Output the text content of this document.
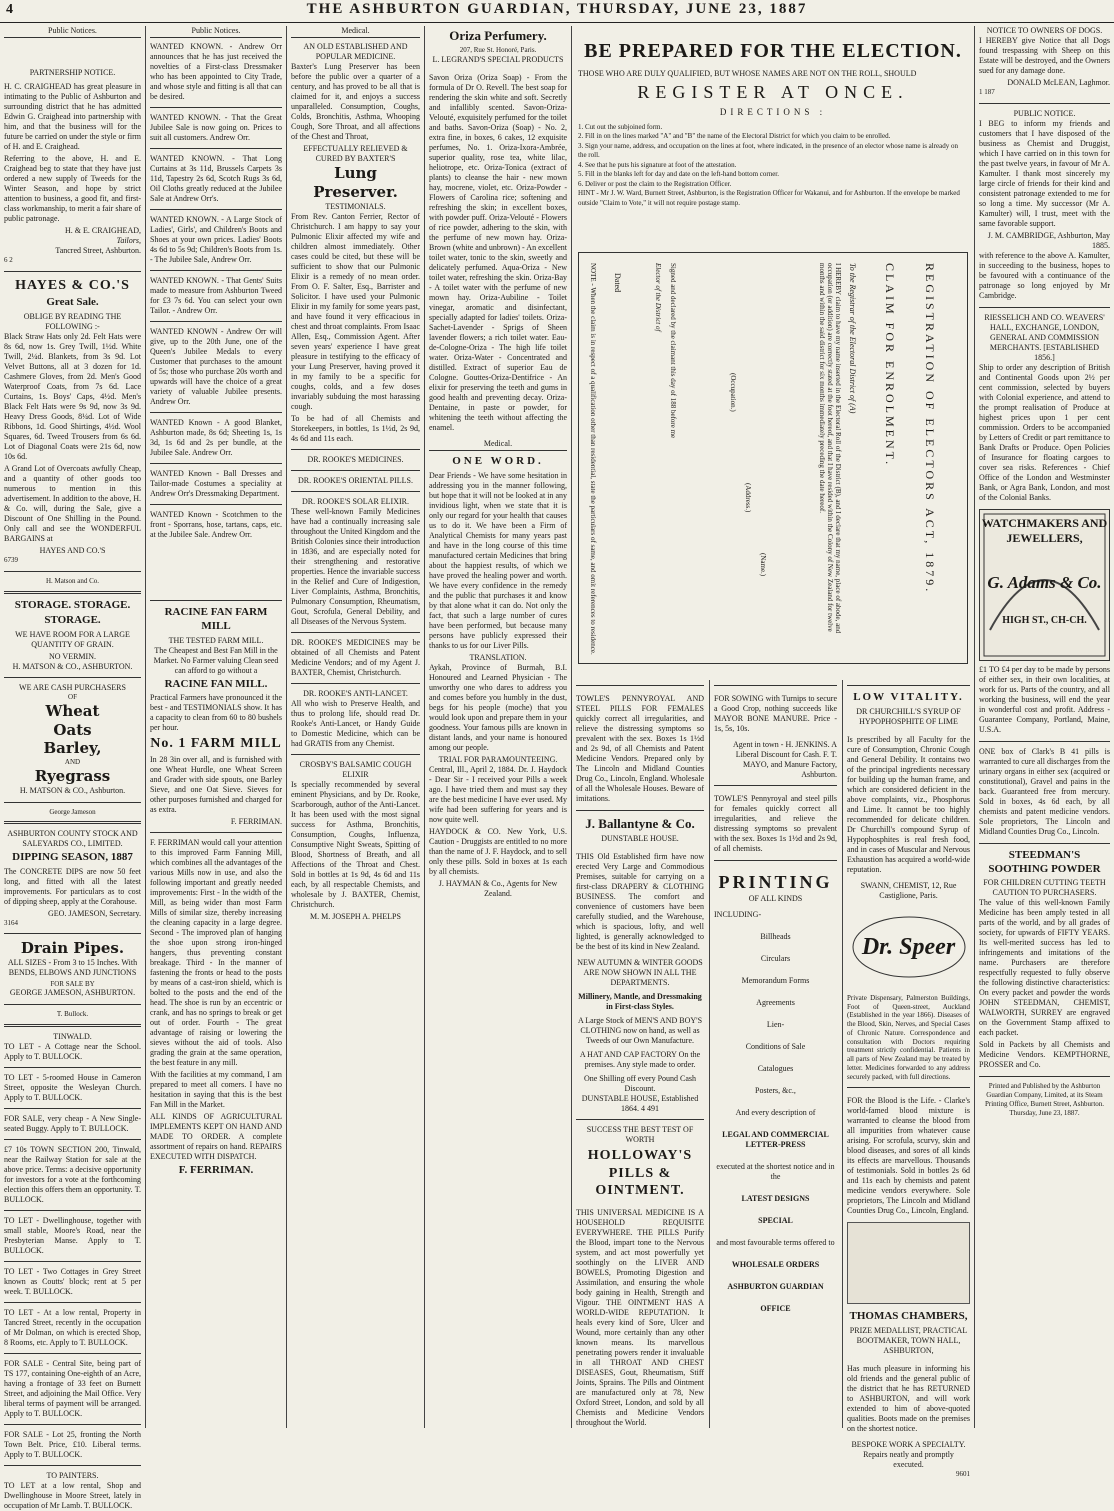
4	THE ASHBURTON GUARDIAN, THURSDAY, JUNE 23, 1887
Public Notices.
PARTNERSHIP NOTICE.

H. C. CRAIGHEAD has great pleasure in intimating to the Public of Ashburton and surrounding district that he has admitted Edwin G. Craighead into partnership with him, and that the business will for the future be carried on under the style or firm of H. and E. Craighead.

Referring to the above, H. and E. Craighead beg to state that they have just ordered a new supply of Tweeds for the Winter Season, and hope by strict attention to business, a good fit, and first-class workmanship, to merit a fair share of public patronage.

H. & E. CRAIGHEAD,
Tailors,
Tancred Street, Ashburton.
6 2
HAYES & CO.'S
Great Sale.
OBLIGE BY READING THE FOLLOWING :-

Black Straw Hats only 2d. Felt Hats were 8s 6d, now 1s. Grey Twill, 1½d. White Twill, 2¼d. Blankets, from 3s 9d. Lot Velvet Buttons, all at 3 dozen for 1d. Cashmere Gloves, from 2d. Men's Good Waterproof Coats, from 7s 6d. Lace Curtains, 1s. Boys' Caps, 4½d. Men's Black Felt Hats were 9s 9d, now 3s 9d. Heavy Dress Goods, 8¼d. Lot of Wide Ribbons, 1d. Good Shirtings, 4½d. Wool Squares, 6d. Tweed Trousers from 6s 6d. Lot of Diagonal Coats were 21s 6d, now 10s 6d.

A Grand Lot of Overcoats awfully Cheap, and a quantity of other goods too numerous to mention in this advertisement. In addition to the above, H. & Co. will, during the Sale, give a Discount of One Shilling in the Pound. Only call and see the WONDERFUL BARGAINS at

HAYES AND CO.'S
6739
H. Matson and Co.
STORAGE. STORAGE.
STORAGE.

WE HAVE ROOM FOR A LARGE QUANTITY OF GRAIN.

NO VERMIN.
H. MATSON & CO., ASHBURTON.
WE ARE CASH PURCHASERS
OF
Wheat
Oats
Barley,
AND
Ryegrass
H. MATSON & CO., Ashburton.
George Jameson
ASHBURTON COUNTY STOCK AND SALEYARDS CO., LIMITED.
DIPPING SEASON, 1887

The CONCRETE DIPS are now 50 feet long, and fitted with all the latest improvements. For particulars as to cost of dipping sheep, apply at the Corahouse.

GEO. JAMESON, Secretary.
3164
Drain Pipes.

ALL SIZES - From 3 to 15 Inches. With BENDS, ELBOWS AND JUNCTIONS

FOR SALE BY
GEORGE JAMESON, ASHBURTON.
T. Bullock.
TINWALD.

TO LET - A Cottage near the School. Apply to T. BULLOCK.

TO LET - 5-roomed House in Cameron Street, opposite the Wesleyan Church. Apply to T. BULLOCK.

FOR SALE, very cheap - A New Single-seated Buggy. Apply to T. BULLOCK.

£7 10s TOWN SECTION 200, Tinwald, near the Railway Station for sale at the above price. Terms: a decisive opportunity for investors for a vote at the forthcoming election this offers them an opportunity. T. BULLOCK.

TO LET - Dwellinghouse, together with small stable, Moore's Road, near the Presbyterian Manse. Apply to T. BULLOCK.

TO LET - Two Cottages in Grey Street known as Coutts' block; rent at 5 per week. T. BULLOCK.

TO LET - At a low rental, Property in Tancred Street, recently in the occupation of Mr Dolman, on which is erected Shop, 8 Rooms, etc. Apply to T. BULLOCK.

FOR SALE - Central Site, being part of TS 177, containing One-eighth of an Acre, having a frontage of 33 feet on Burnett Street, and adjoining the Mail Office. Very liberal terms of payment will be arranged. Apply to T. BULLOCK.

FOR SALE - Lot 25, fronting the North Town Belt. Price, £10. Liberal terms. Apply to T. BULLOCK.

TO PAINTERS.

TO LET at a low rental, Shop and Dwellinghouse in Moore Street, lately in occupation of Mr Lamb. T. BULLOCK.

Public Notices.

WANTED KNOWN. - Andrew Orr announces that he has just received the novelties of a First-class Dressmaker who has been appointed to City Trade, and whose style and fitting is all that can be desired.

WANTED KNOWN. - That the Great Jubilee Sale is now going on. Prices to suit all customers. Andrew Orr.

WANTED KNOWN. - That Long Curtains at 3s 11d, Brussels Carpets 3s 11d, Tapestry 2s 6d, Scotch Rugs 3s 6d, Oil Cloths greatly reduced at the Jubilee Sale at Andrew Orr's.

WANTED KNOWN. - A Large Stock of Ladies', Girls', and Children's Boots and Shoes at your own prices. Ladies' Boots 4s 6d to 5s 9d; Children's Boots from 1s. - The Jubilee Sale, Andrew Orr.

WANTED KNOWN. - That Gents' Suits made to measure from Ashburton Tweed for £3 7s 6d. You can select your own Tailor. - Andrew Orr.

WANTED KNOWN - Andrew Orr will give, up to the 20th June, one of the Queen's Jubilee Medals to every Customer that purchases to the amount of 5s; those who purchase 20s worth and upwards will have the choice of a great variety of valuable Jubilee presents. Andrew Orr.

WANTED Known - A good Blanket, Ashburton made, 8s 6d; Sheeting 1s, 1s 3d, 1s 6d and 2s per bundle, at the Jubilee Sale. Andrew Orr.

WANTED Known - Ball Dresses and Tailor-made Costumes a speciality at Andrew Orr's Dressmaking Department.

WANTED Known - Scotchmen to the front - Sporrans, hose, tartans, caps, etc. at the Jubilee Sale. Andrew Orr.

RACINE FAN FARM MILL
THE TESTED FARM MILL.

The Cheapest and Best Fan Mill in the Market. No Farmer valuing Clean seed can afford to go without a

RACINE FAN MILL.

Practical Farmers have pronounced it the best - and TESTIMONIALS show. It has a capacity to clean from 60 to 80 bushels per hour.

No. 1 FARM MILL

In 28 3in over all, and is furnished with one Wheat Hurdle, one Wheat Screen and Grader with side spouts, one Barley Sieve, and one Oat Sieve. Sieves for other purposes furnished and charged for as extra.

F. FERRIMAN.

F. FERRIMAN would call your attention to this improved Farm Fanning Mill, which combines all the advantages of the various Mills now in use, and also the following important and greatly needed improvements: First - In the width of the Mill, as being wider than most Farm Mills of similar size, thereby increasing the cleaning capacity in a large degree. Second - The improved plan of hanging the shoe upon strong iron-hinged hangers, thus preventing constant breakage. Third - In the manner of fastening the fronts or head to the posts by means of a cast-iron shield, which is bolted to the posts and the end of the head. The shoe is run by an eccentric or crank, and has no springs to break or get out of order. Fourth - The great advantage of raising or lowering the sieves without the aid of tools. Also grading the grain at the same operation, the best feature in any mill.

With the facilities at my command, I am prepared to meet all comers. I have no hesitation in saying that this is the best Fan Mill in the Market.

ALL KINDS OF AGRICULTURAL IMPLEMENTS KEPT ON HAND AND MADE TO ORDER. A complete assortment of repairs on hand. REPAIRS EXECUTED WITH DISPATCH.

F. FERRIMAN.
Medical.
AN OLD ESTABLISHED AND POPULAR MEDICINE.

Baxter's Lung Preserver has been before the public over a quarter of a century, and has proved to be all that is claimed for it, and enjoys a success unparalleled. Consumption, Coughs, Colds, Bronchitis, Asthma, Whooping Cough, Sore Throat, and all affections of the Chest and Throat,

EFFECTUALLY RELIEVED & CURED BY BAXTER'S
Lung Preserver.
TESTIMONIALS.

From Rev. Canton Ferrier, Rector of Christchurch. I am happy to say your Pulmonic Elixir affected my wife and children almost immediately. Other cases could be cited, but these will be sufficient to show that our Pulmonic Elixir is a remedy of no mean order. From O. F. Salter, Esq., Barrister and Solicitor. I have used your Pulmonic Elixir in my family for some years past, and have found it very efficacious in chest and throat complaints. From Isaac Allen, Esq., Commission Agent. After seven years' experience I have great pleasure in testifying to the efficacy of your Lung Preserver, having proved it in my family to be a specific for coughs, colds, and a few doses invariably subduing the most harassing cough.

To be had of all Chemists and Storekeepers, in bottles, 1s 1½d, 2s 9d, 4s 6d and 11s each.

DR. ROOKE'S MEDICINES.
DR. ROOKE'S ORIENTAL PILLS.
DR. ROOKE'S SOLAR ELIXIR.

These well-known Family Medicines have had a continually increasing sale throughout the United Kingdom and the British Colonies since their introduction in 1836, and are especially noted for their strengthening and restorative properties. Hence the invariable success in the Relief and Cure of Indigestion, Liver Complaints, Asthma, Bronchitis, Pulmonary Consumption, Rheumatism, Gout, Scrofula, General Debility, and all Diseases of the Nervous System.

DR. ROOKE'S MEDICINES may be obtained of all Chemists and Patent Medicine Vendors; and of my Agent J. BAXTER, Chemist, Christchurch.

DR. ROOKE'S ANTI-LANCET.

All who wish to Preserve Health, and thus to prolong life, should read Dr. Rooke's Anti-Lancet, or Handy Guide to Domestic Medicine, which can be had GRATIS from any Chemist.

CROSBY'S BALSAMIC COUGH ELIXIR

Is specially recommended by several eminent Physicians, and by Dr. Rooke, Scarborough, author of the Anti-Lancet. It has been used with the most signal success for Asthma, Bronchitis, Consumption, Coughs, Influenza, Consumptive Night Sweats, Spitting of Blood, Shortness of Breath, and all Affections of the Throat and Chest. Sold in bottles at 1s 9d, 4s 6d and 11s each, by all respectable Chemists, and wholesale by J. BAXTER, Chemist, Christchurch.

M. M. JOSEPH A. PHELPS
Oriza Perfumery.
207, Rue St. Honoré, Paris.
L. LEGRAND'S SPECIAL PRODUCTS

Savon Oriza (Oriza Soap) - From the formula of Dr O. Revell. The best soap for rendering the skin white and soft. Secretly and infallibly scented. Savon-Oriza-Velouté, exquisitely perfumed for the toilet and baths. Savon-Oriza (Soap) - No. 2, extra fine, in boxes, 6 cakes, 12 exquisite perfumes, No. 1. Oriza-Ixora-Ambrée, superior quality, rose tea, white lilac, heliotrope, etc. Oriza-Tonica (extract of plants) to cleanse the hair - new mown hay, mocrene, violet, etc. Oriza-Powder - Flowers of Carolina rice; softening and refreshing the skin; in excellent boxes, with powder puff. Oriza-Velouté - Flowers of rice powder, adhering to the skin, with the perfume of new mown hay. Oriza-Brown (white and unbrown) - An excellent toilet water, tonic to the skin, sweetly and delicately perfumed. Aqua-Oriza - New toilet water, refreshing the skin. Oriza-Bay - A toilet water with the perfume of new mown hay. Oriza-Aubiline - Toilet vinegar, aromatic and disinfectant, specially adapted for ladies' toilets. Oriza-Sachet-Lavender - Sprigs of Sheen lavender flowers; a rich toilet water. Eau-de-Cologne-Oriza - The high life toilet water. Oriza-Water - Concentrated and distilled. Extract of superior Eau de Cologne. Gouttes-Oriza-Dentifrice - An elixir for preserving the teeth and gums in good health and preventing decay. Oriza-Dentaine, in paste or powder, for whitening the teeth without affecting the enamel.

Medical.
ONE WORD.

Dear Friends - We have some hesitation in addressing you in the manner following, but hope that it will not be looked at in any invidious light, when we state that it is only our regard for your health that causes us to do it. We have been a Firm of Analytical Chemists for many years past and have in the long course of this time manufactured certain Medicines that bring about the happiest results, of which we have proved the healing power and worth. We have every confidence in the remedy and the public that purchases it and know by that alone what it can do. Not only the fact, that such a large number of cures have been performed, but because many persons have publicly expressed their thanks to us for our Liver Pills.

TRANSLATION.

Aykah, Province of Burmah, B.I. Honoured and Learned Physician - The unworthy one who dares to address you and comes before you humbly in the dust, begs for his people (moche) that you would look upon and prepare them in your goodness. Your famous pills are known in distant lands, and your name is honoured among our people.

TRIAL FOR PARAMOUNTEEING.

Central, Ill., April 2, 1884. Dr. J. Haydock - Dear Sir - I received your Pills a week ago. I have tried them and must say they are the best medicine I have ever used. My wife had been suffering for years and is now quite well.

HAYDOCK & CO. New York, U.S. Caution - Druggists are entitled to no more than the name of J. F. Haydock, and to sell only these pills. Sold in boxes at 1s each by all chemists.

J. HAYMAN & Co., Agents for New Zealand.
BE PREPARED FOR THE ELECTION.
THOSE WHO ARE DULY QUALIFIED, BUT WHOSE NAMES ARE NOT ON THE ROLL, SHOULD
REGISTER AT ONCE.
DIRECTIONS :
1. Cut out the subjoined form.
2. Fill in on the lines marked "A" and "B" the name of the Electoral District for which you claim to be enrolled.
3. Sign your name, address, and occupation on the lines at foot, where indicated, in the presence of an elector whose name is already on the roll.
4. See that he puts his signature at foot of the attestation.
5. Fill in the blanks left for day and date on the left-hand bottom corner.
6. Deliver or post the claim to the Registration Officer.
HINT - Mr J. W. Ward, Burnett Street, Ashburton, is the Registration Officer for Wakanui, and for Ashburton. If the envelope be marked outside "Claim to Vote," it will not require postage stamp.
REGISTRATION OF ELECTORS ACT, 1879.
CLAIM FOR ENROLMENT.
To the Registrar of the Electoral District of (A)
I HEREBY claim to have my name inserted in the Electoral Roll of the District (B), and I declare that my name, place of abode, and occupation (or addition) are correctly stated at the foot hereof, and that I have resided within the Colony of New Zealand for twelve months and within the said district for six months immediately preceding the date hereof.
(Name.)
(Address.)
(Occupation.)
Signed and declared by the claimant this day of 188 before me
Elector of the District of
Dated
NOTE - When the claim is in respect of a qualification other than residential, state the particulars of same, and omit references to residence.
NOTICE TO OWNERS OF DOGS.

I HEREBY give Notice that all Dogs found trespassing with Sheep on this Estate will be destroyed, and the Owners sued for any damage done.

DONALD McLEAN, Laghmor.
1 187
PUBLIC NOTICE.

I BEG to inform my friends and customers that I have disposed of the business as Chemist and Druggist, which I have carried on in this town for the past twelve years, in favour of Mr A. Kamulter. I thank most sincerely my large circle of friends for their kind and consistent patronage extended to me for so long a time. My successor (Mr A. Kamulter) will, I trust, meet with the same favorable support.

J. M. CAMBRIDGE, Ashburton, May 1885.

with reference to the above A. Kamulter, in succeeding to the business, hopes to be favoured with a continuance of the patronage so long enjoyed by Mr Cambridge.

RIESSELICH AND CO. WEAVERS' HALL, EXCHANGE, LONDON, GENERAL AND COMMISSION MERCHANTS. [ESTABLISHED 1856.]

Ship to order any description of British and Continental Goods upon 2½ per cent commission, selected by buyers with Colonial experience, and attend to the prompt realisation of Produce at highest prices upon 1 per cent commission. Orders to be accompanied by Letters of Credit or part remittance to Bank Drafts or Produce. Open Policies of Insurance for floating cargoes to cover sea risks. References - Chief Office of the London and Westminster Bank, or Agra Bank, London, and most of the Colonial Banks.

WATCHMAKERS AND JEWELLERS,
G. Adams & Co.
HIGH ST., CH-CH.

£1 TO £4 per day to be made by persons of either sex, in their own localities, at work for us. Parts of the country, and all working the business, will end the year in wonderful cost and profit. Address - Guarantee Company, Portland, Maine, U.S.A.

ONE box of Clark's B 41 pills is warranted to cure all discharges from the urinary organs in either sex (acquired or constitutional), Gravel and pains in the back. Guaranteed free from mercury. Sold in boxes, 4s 6d each, by all chemists and patent medicine vendors. Sole proprietors, The Lincoln and Midland Counties Drug Co., Lincoln.

STEEDMAN'S SOOTHING POWDER
FOR CHILDREN CUTTING TEETH
CAUTION TO PURCHASERS.

The value of this well-known Family Medicine has been amply tested in all parts of the world, and by all grades of society, for upwards of FIFTY YEARS. Its well-merited success has led to infringements and imitations of the name. Purchasers are therefore respectfully requested to fully observe the following distinctive characteristics: On every packet and powder the words JOHN STEEDMAN, CHEMIST, WALWORTH, SURREY are engraved on the Government Stamp affixed to each packet.

Sold in Packets by all Chemists and Medicine Vendors. KEMPTHORNE, PROSSER and Co.

Printed and Published by the Ashburton Guardian Company, Limited, at its Steam Printing Office, Burnett Street, Ashburton. Thursday, June 23, 1887.

TOWLE'S PENNYROYAL AND STEEL PILLS FOR FEMALES quickly correct all irregularities, and relieve the distressing symptoms so prevalent with the sex. Boxes 1s 1½d and 2s 9d, of all Chemists and Patent Medicine Vendors. Prepared only by The Lincoln and Midland Counties Drug Co., Lincoln, England. Wholesale of all the Wholesale Houses. Beware of imitations.

J. Ballantyne & Co.
DUNSTABLE HOUSE.

THIS Old Established firm have now erected Very Large and Commodious Premises, suitable for carrying on a first-class DRAPERY & CLOTHING BUSINESS. The comfort and convenience of customers have been carefully studied, and the Warehouse, which is spacious, lofty, and well lighted, is generally acknowledged to be the best of its kind in New Zealand.

NEW AUTUMN & WINTER GOODS ARE NOW SHOWN IN ALL THE DEPARTMENTS.
Millinery, Mantle, and Dressmaking in First-class Styles.
A Large Stock of MEN'S AND BOY'S CLOTHING now on hand, as well as Tweeds of our Own Manufacture.
A HAT AND CAP FACTORY On the premises. Any style made to order.
One Shilling off every Pound Cash Discount.
DUNSTABLE HOUSE, Established 1864. 4 491
SUCCESS THE BEST TEST OF WORTH
HOLLOWAY'S PILLS & OINTMENT.

THIS UNIVERSAL MEDICINE IS A HOUSEHOLD REQUISITE EVERYWHERE. THE PILLS Purify the Blood, impart tone to the Nervous system, and act most powerfully yet soothingly on the LIVER AND BOWELS, Promoting Digestion and Assimilation, and ensuring the whole body gaining in Health, Strength and Vigour. THE OINTMENT HAS A WORLD-WIDE REPUTATION. It heals every kind of Sore, Ulcer and Wound, more certainly than any other known means. Its marvellous penetrating powers render it invaluable in all THROAT AND CHEST DISEASES, Gout, Rheumatism, Stiff Joints, Sprains. The Pills and Ointment are manufactured only at 78, New Oxford Street, London, and sold by all Chemists and Medicine Vendors throughout the World.

FOR SOWING with Turnips to secure a Good Crop, nothing succeeds like MAYOR BONE MANURE. Price - 1s, 5s, 10s.

Agent in town - H. JENKINS. A Liberal Discount for Cash. F. T. MAYO, and Manure Factory, Ashburton.

TOWLE'S Pennyroyal and steel pills for females quickly correct all irregularities, and relieve the distressing symptoms so prevalent with the sex. Boxes 1s 1½d and 2s 9d, of all chemists.

PRINTING
OF ALL KINDS
INCLUDING-
Billheads
Circulars
Memorandum Forms
Agreements
Lien-
Conditions of Sale
Catalogues
Posters, &c.,
And every description of
LEGAL AND COMMERCIAL LETTER-PRESS
executed at the shortest notice and in the
LATEST DESIGNS
SPECIAL
and most favourable terms offered to
WHOLESALE ORDERS
ASHBURTON GUARDIAN
OFFICE
LOW VITALITY.
DR CHURCHILL'S SYRUP OF HYPOPHOSPHITE OF LIME

Is prescribed by all Faculty for the cure of Consumption, Chronic Cough and General Debility. It contains two of the principal ingredients necessary for building up the human frame, and which are considered deficient in the above complaints, viz., Phosphorus and Lime. It cannot be too highly recommended for delicate children. Dr Churchill's compound Syrup of Hypophosphites is real fresh food, and in cases of Muscular and Nervous Exhaustion has acquired a world-wide reputation.

SWANN, CHEMIST, 12, Rue Castiglione, Paris.
Dr. Speer

Private Dispensary, Palmerston Buildings, Foot of Queen-street, Auckland (Established in the year 1866). Diseases of the Blood, Skin, Nerves, and Special Cases of Chronic Nature. Correspondence and consultation with Doctors requiring treatment strictly confidential. Patients in all parts of New Zealand may be treated by letter. Medicines forwarded to any address securely packed, with full directions.

FOR the Blood is the Life. - Clarke's world-famed blood mixture is warranted to cleanse the blood from all impurities from whatever cause arising. For scrofula, scurvy, skin and blood diseases, and sores of all kinds its effects are marvellous. Thousands of testimonials. Sold in bottles 2s 6d and 11s each by chemists and patent medicine vendors everywhere. Sole proprietors, The Lincoln and Midland Counties Drug Co., Lincoln, England.

THOMAS CHAMBERS,
PRIZE MEDALLIST, PRACTICAL BOOTMAKER, TOWN HALL, ASHBURTON,

Has much pleasure in informing his old friends and the general public of the district that he has RETURNED to ASHBURTON, and will work extended to him of above-quoted qualities. Boots made on the premises on the shortest notice.

BESPOKE WORK A SPECIALTY.
Repairs neatly and promptly executed.
9601
